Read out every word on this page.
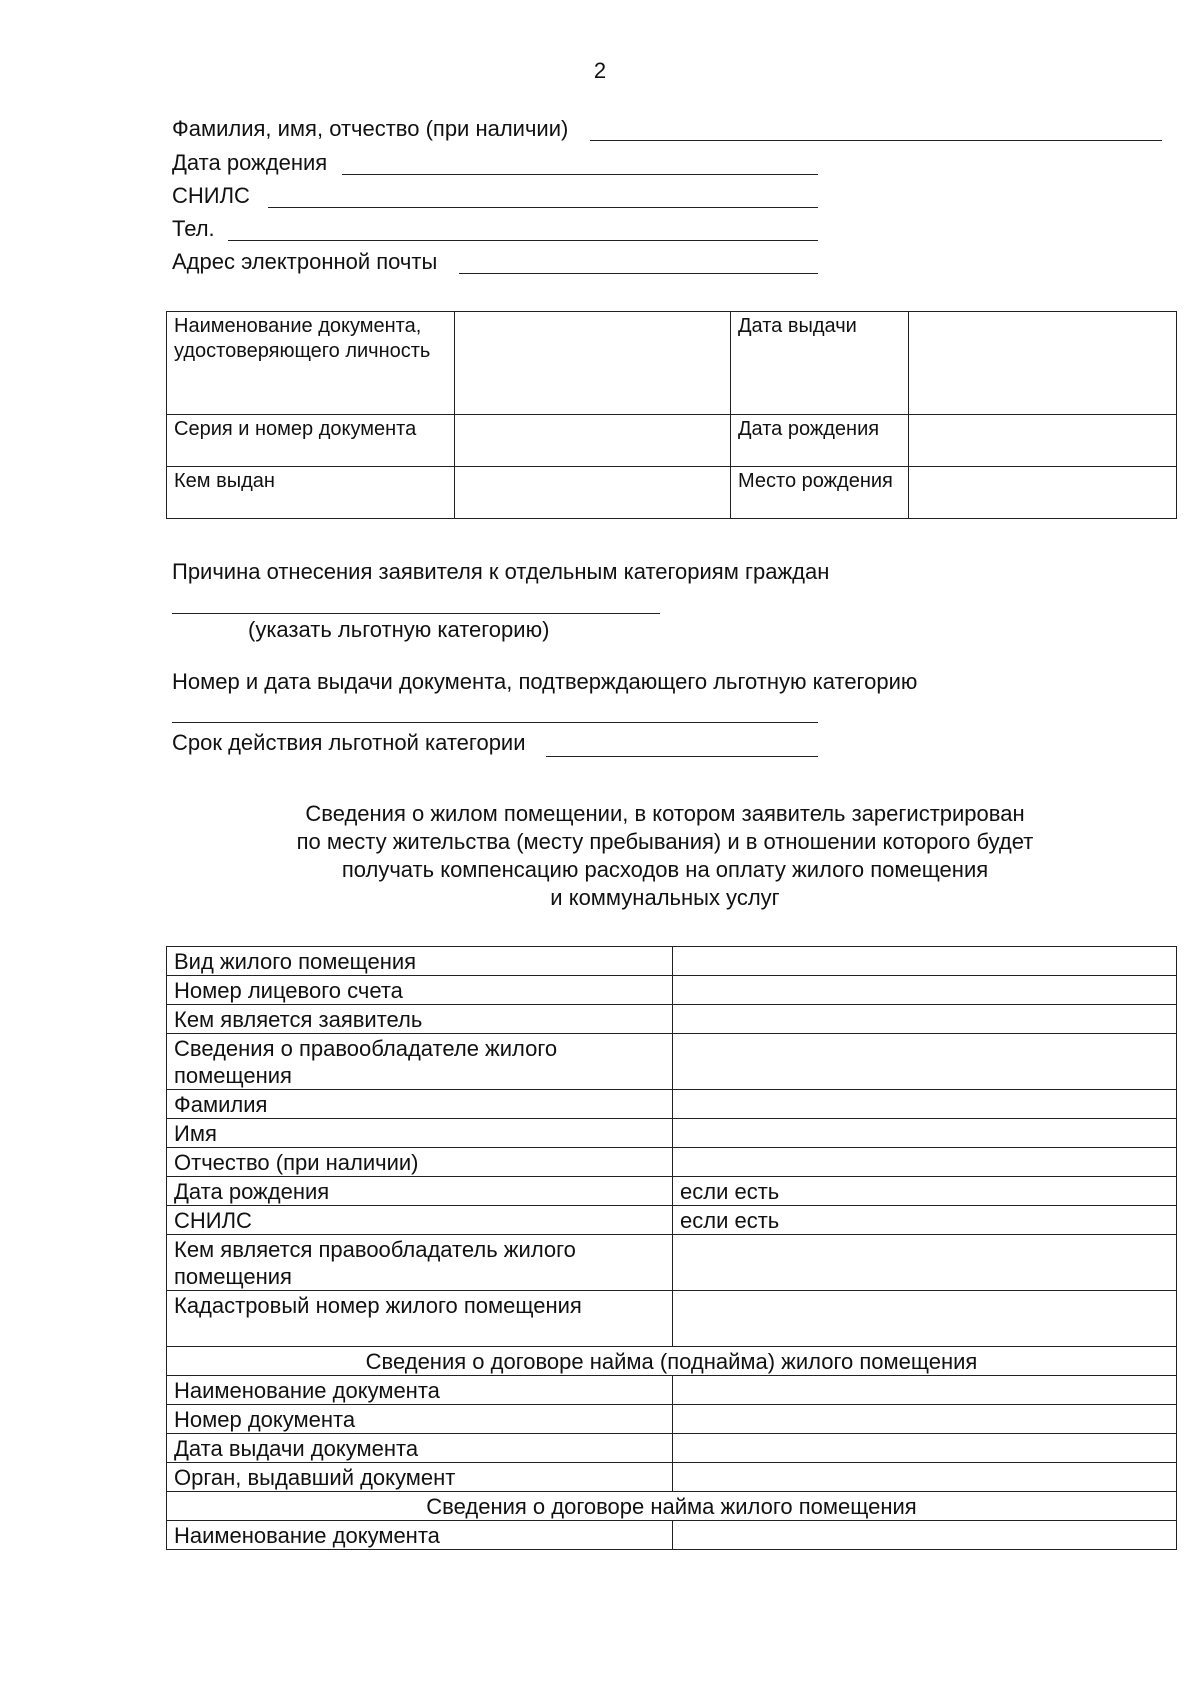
2
Фамилия, имя, отчество (при наличии)
Дата рождения
СНИЛС
Тел.
Адрес электронной почты
Наименование документа, удостоверяющего личность		Дата выдачи	
Серия и номер документа		Дата рождения	
Кем выдан		Место рождения	
Причина отнесения заявителя к отдельным категориям граждан
(указать льготную категорию)
Номер и дата выдачи документа, подтверждающего льготную категорию
Срок действия льготной категории
Сведения о жилом помещении, в котором заявитель зарегистрирован
по месту жительства (месту пребывания) и в отношении которого будет
получать компенсацию расходов на оплату жилого помещения
и коммунальных услуг
Вид жилого помещения	
Номер лицевого счета	
Кем является заявитель	
Сведения о правообладателе жилого помещения	
Фамилия	
Имя	
Отчество (при наличии)	
Дата рождения	если есть
СНИЛС	если есть
Кем является правообладатель жилого помещения	
Кадастровый номер жилого помещения	
Сведения о договоре найма (поднайма) жилого помещения	
Наименование документа	
Номер документа	
Дата выдачи документа	
Орган, выдавший документ	
Сведения о договоре найма жилого помещения	
Наименование документа	
